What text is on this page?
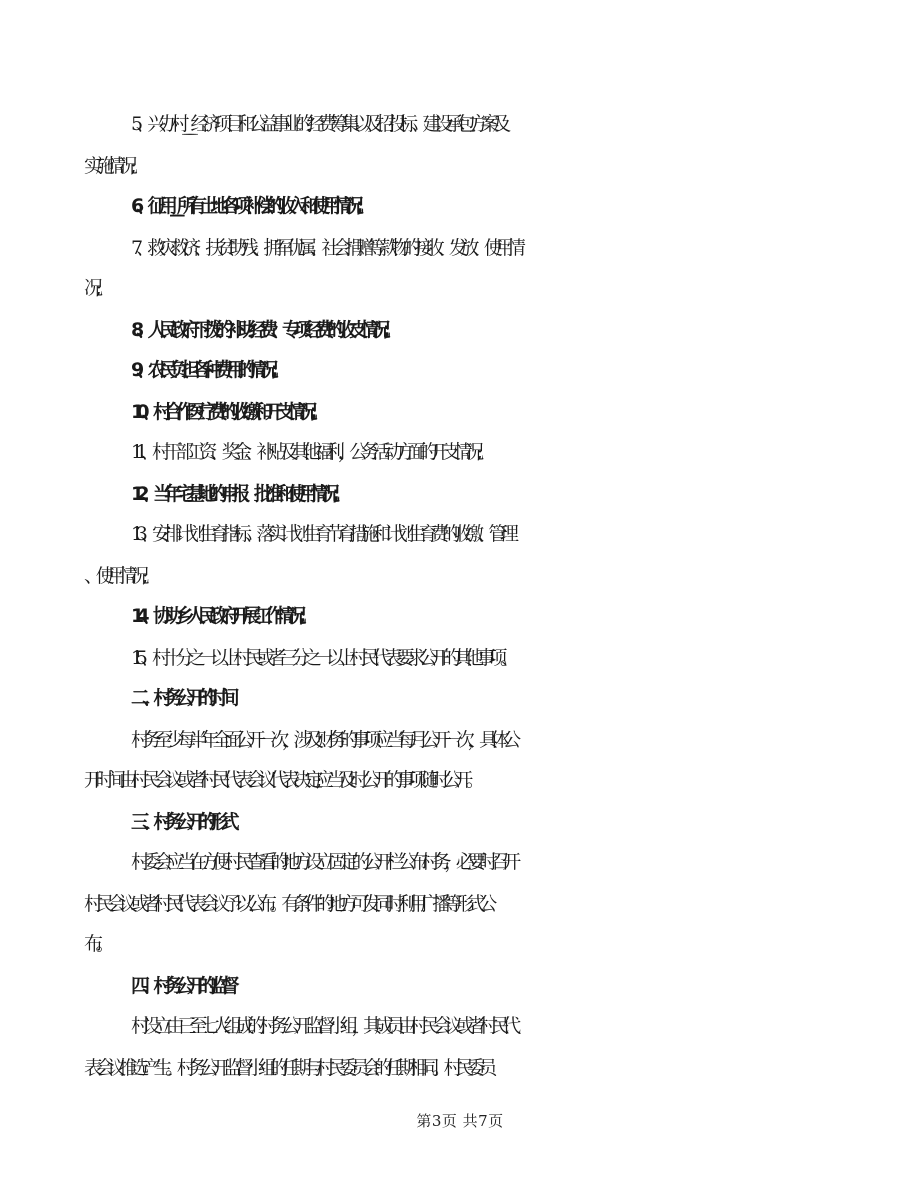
5、兴办村____经济项目和公益事业的经费筹集以及招投标、建设承包方案及
实施情况;
6、征用____所有土地各项补偿的收入和使用情况;
7、救灾救济、扶贫助残、拥军优属、社会捐赠等款物的接收、发放、使用情
况;
8、人民政府下拨的补助经费、专项经费的收支情况;
9、农民负担各种费用的情况;
10、村合作医疗费的收缴和开支情况;
11、村干部工资、奖金、补贴及其他福利，公务活动方面的开支情况;
12、当年宅基地的申报、批准和使用情况;
13、安排计划生育指标、落实计划生育节育措施和计划生育费的收缴、管理
、使用情况;
14、协助乡人民政府开展工作情况;
15、村十分之一以上村民或者三分之一以上村民代表要求公开的其他事项。
二、村务公开的时间
村务至少每半年全面公开一次，涉及财务的事项应当每月公开一次，具体公
开时间由村民会议或者村民代表会议代表决定;应当及时公开的事项随时公开。
三、村务公开的形式
村委会应当在方便村民查看的地方设立固定的公开栏公布村务，必要时召开
村民会议或者村民代表会议予以公布。有条件的地方可发同时利用广播等形式公
布。
四、村务公开的监督
村设立由三至七人组成的村务公开监督小组，其成员由村民会议或者村民代
表会议推选产生。村务公开监督小组的任期与村民委员会的任期相同。村民委员
第3页 共7页
